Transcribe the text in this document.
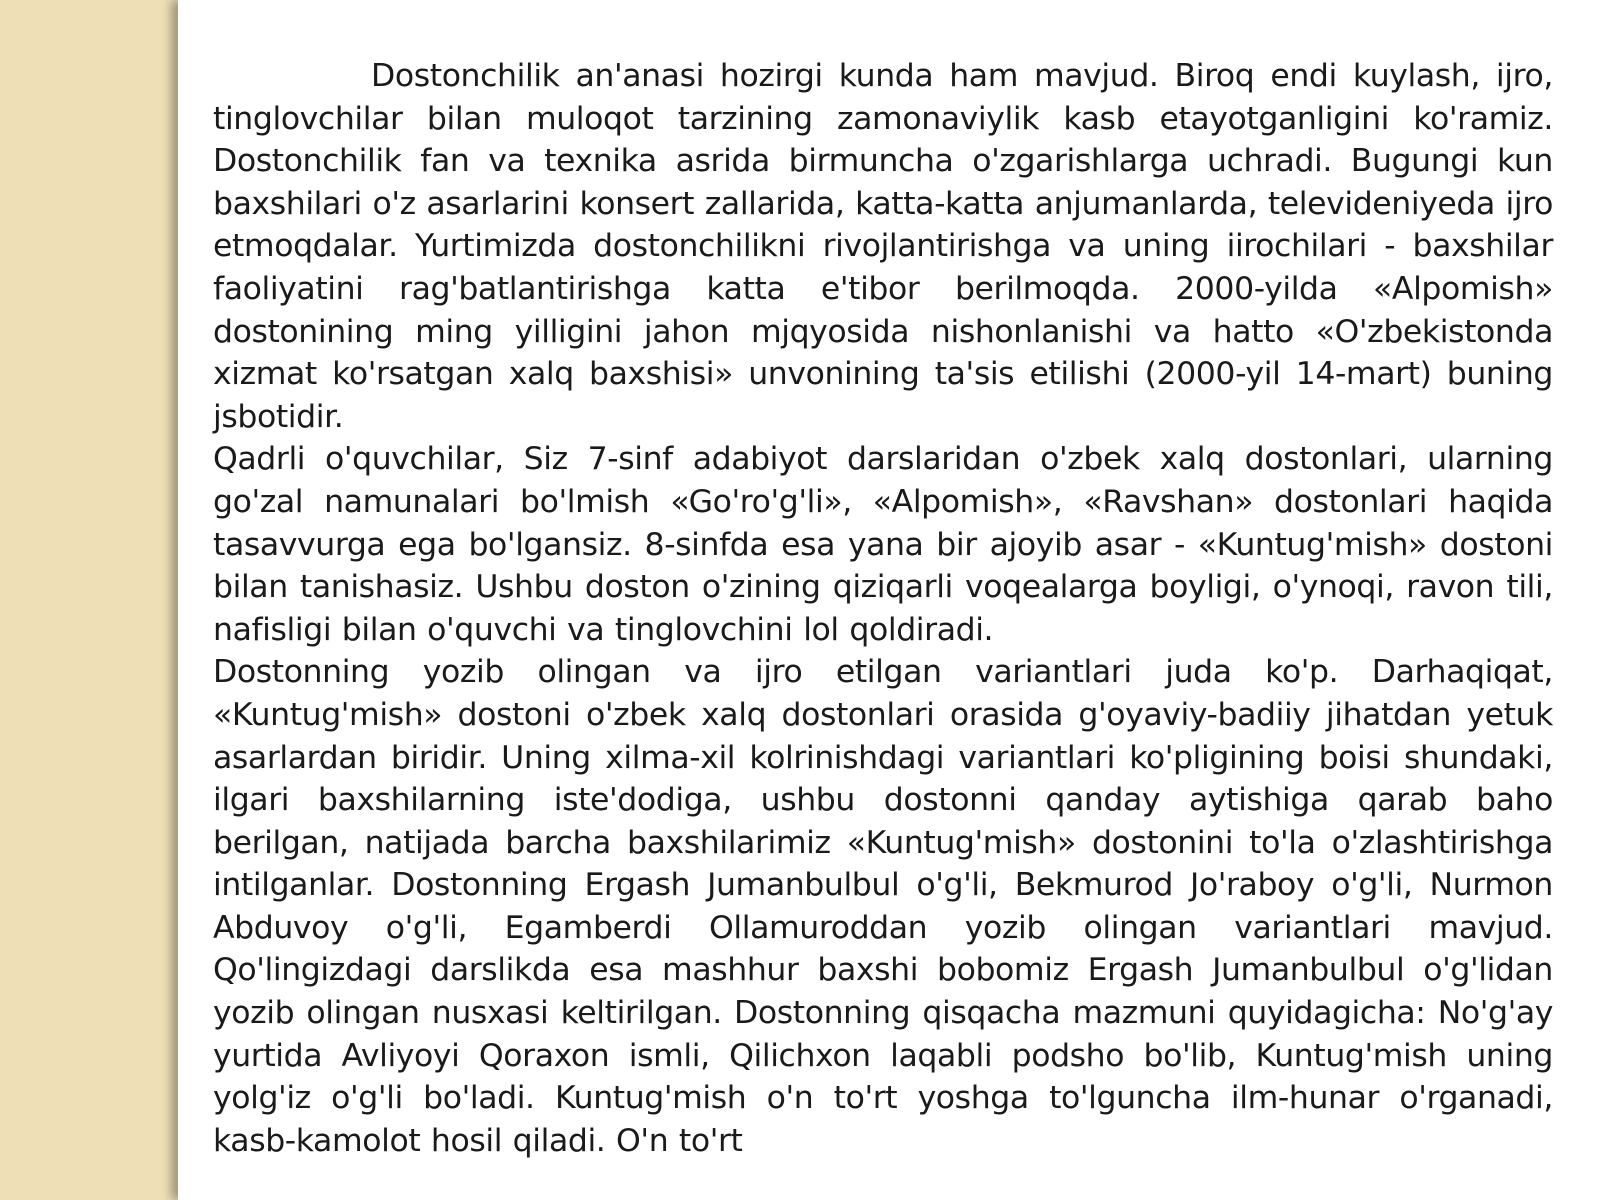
Dostonchilik an'anasi hozirgi kunda ham mavjud. Biroq endi kuylash, ijro, tinglovchilar bilan muloqot tarzining zamonaviylik kasb etayotganligini ko'ramiz. Dostonchilik fan va texnika asrida birmuncha o'zgarishlarga uchradi. Bugungi kun baxshilari o'z asarlarini konsert zallarida, katta-katta anjumanlarda, televideniyeda ijro etmoqdalar. Yurtimizda dostonchilikni rivojlantirishga va uning iirochilari - baxshilar faoliyatini rag'batlantirishga katta e'tibor berilmoqda. 2000-yilda «Alpomish» dostonining ming yilligini jahon mjqyosida nishonlanishi va hatto «O'zbekistonda xizmat ko'rsatgan xalq baxshisi» unvonining ta'sis etilishi (2000-yil 14-mart) buning jsbotidir.

Qadrli o'quvchilar, Siz 7-sinf adabiyot darslaridan o'zbek xalq dostonlari, ularning go'zal namunalari bo'lmish «Go'ro'g'li», «Alpomish», «Ravshan» dostonlari haqida tasavvurga ega bo'lgansiz. 8-sinfda esa yana bir ajoyib asar - «Kuntug'mish» dostoni bilan tanishasiz. Ushbu doston o'zining qiziqarli voqealarga boyligi, o'ynoqi, ravon tili, nafisligi bilan o'quvchi va tinglovchini lol qoldiradi.

Dostonning yozib olingan va ijro etilgan variantlari juda ko'p. Darhaqiqat, «Kuntug'mish» dostoni o'zbek xalq dostonlari orasida g'oyaviy-badiiy jihatdan yetuk asarlardan biridir. Uning xilma-xil kolrinishdagi variantlari ko'pligining boisi shundaki, ilgari baxshilarning iste'dodiga, ushbu dostonni qanday aytishiga qarab baho berilgan, natijada barcha baxshilarimiz «Kuntug'mish» dostonini to'la o'zlashtirishga intilganlar. Dostonning Ergash Jumanbulbul o'g'li, Bekmurod Jo'raboy o'g'li, Nurmon Abduvoy o'g'li, Egamberdi Ollamuroddan yozib olingan variantlari mavjud. Qo'lingizdagi darslikda esa mashhur baxshi bobomiz Ergash Jumanbulbul o'g'lidan yozib olingan nusxasi keltirilgan. Dostonning qisqacha mazmuni quyidagicha: No'g'ay yurtida Avliyoyi Qoraxon ismli, Qilichxon laqabli podsho bo'lib, Kuntug'mish uning yolg'iz o'g'li bo'ladi. Kuntug'mish o'n to'rt yoshga to'lguncha ilm-hunar o'rganadi, kasb-kamolot hosil qiladi. O'n to'rt
